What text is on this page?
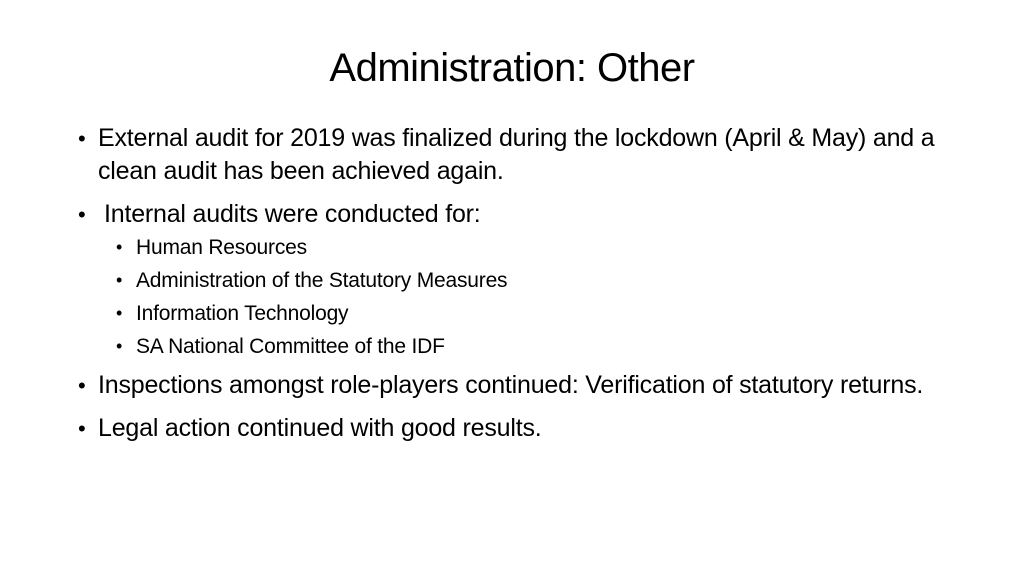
Administration: Other
• External audit for 2019 was finalized during the lockdown (April & May) and a clean audit has been achieved again.
• Internal audits were conducted for:
• Human Resources
• Administration of the Statutory Measures
• Information Technology
• SA National Committee of the IDF
• Inspections amongst role-players continued: Verification of statutory returns.
• Legal action continued with good results.
